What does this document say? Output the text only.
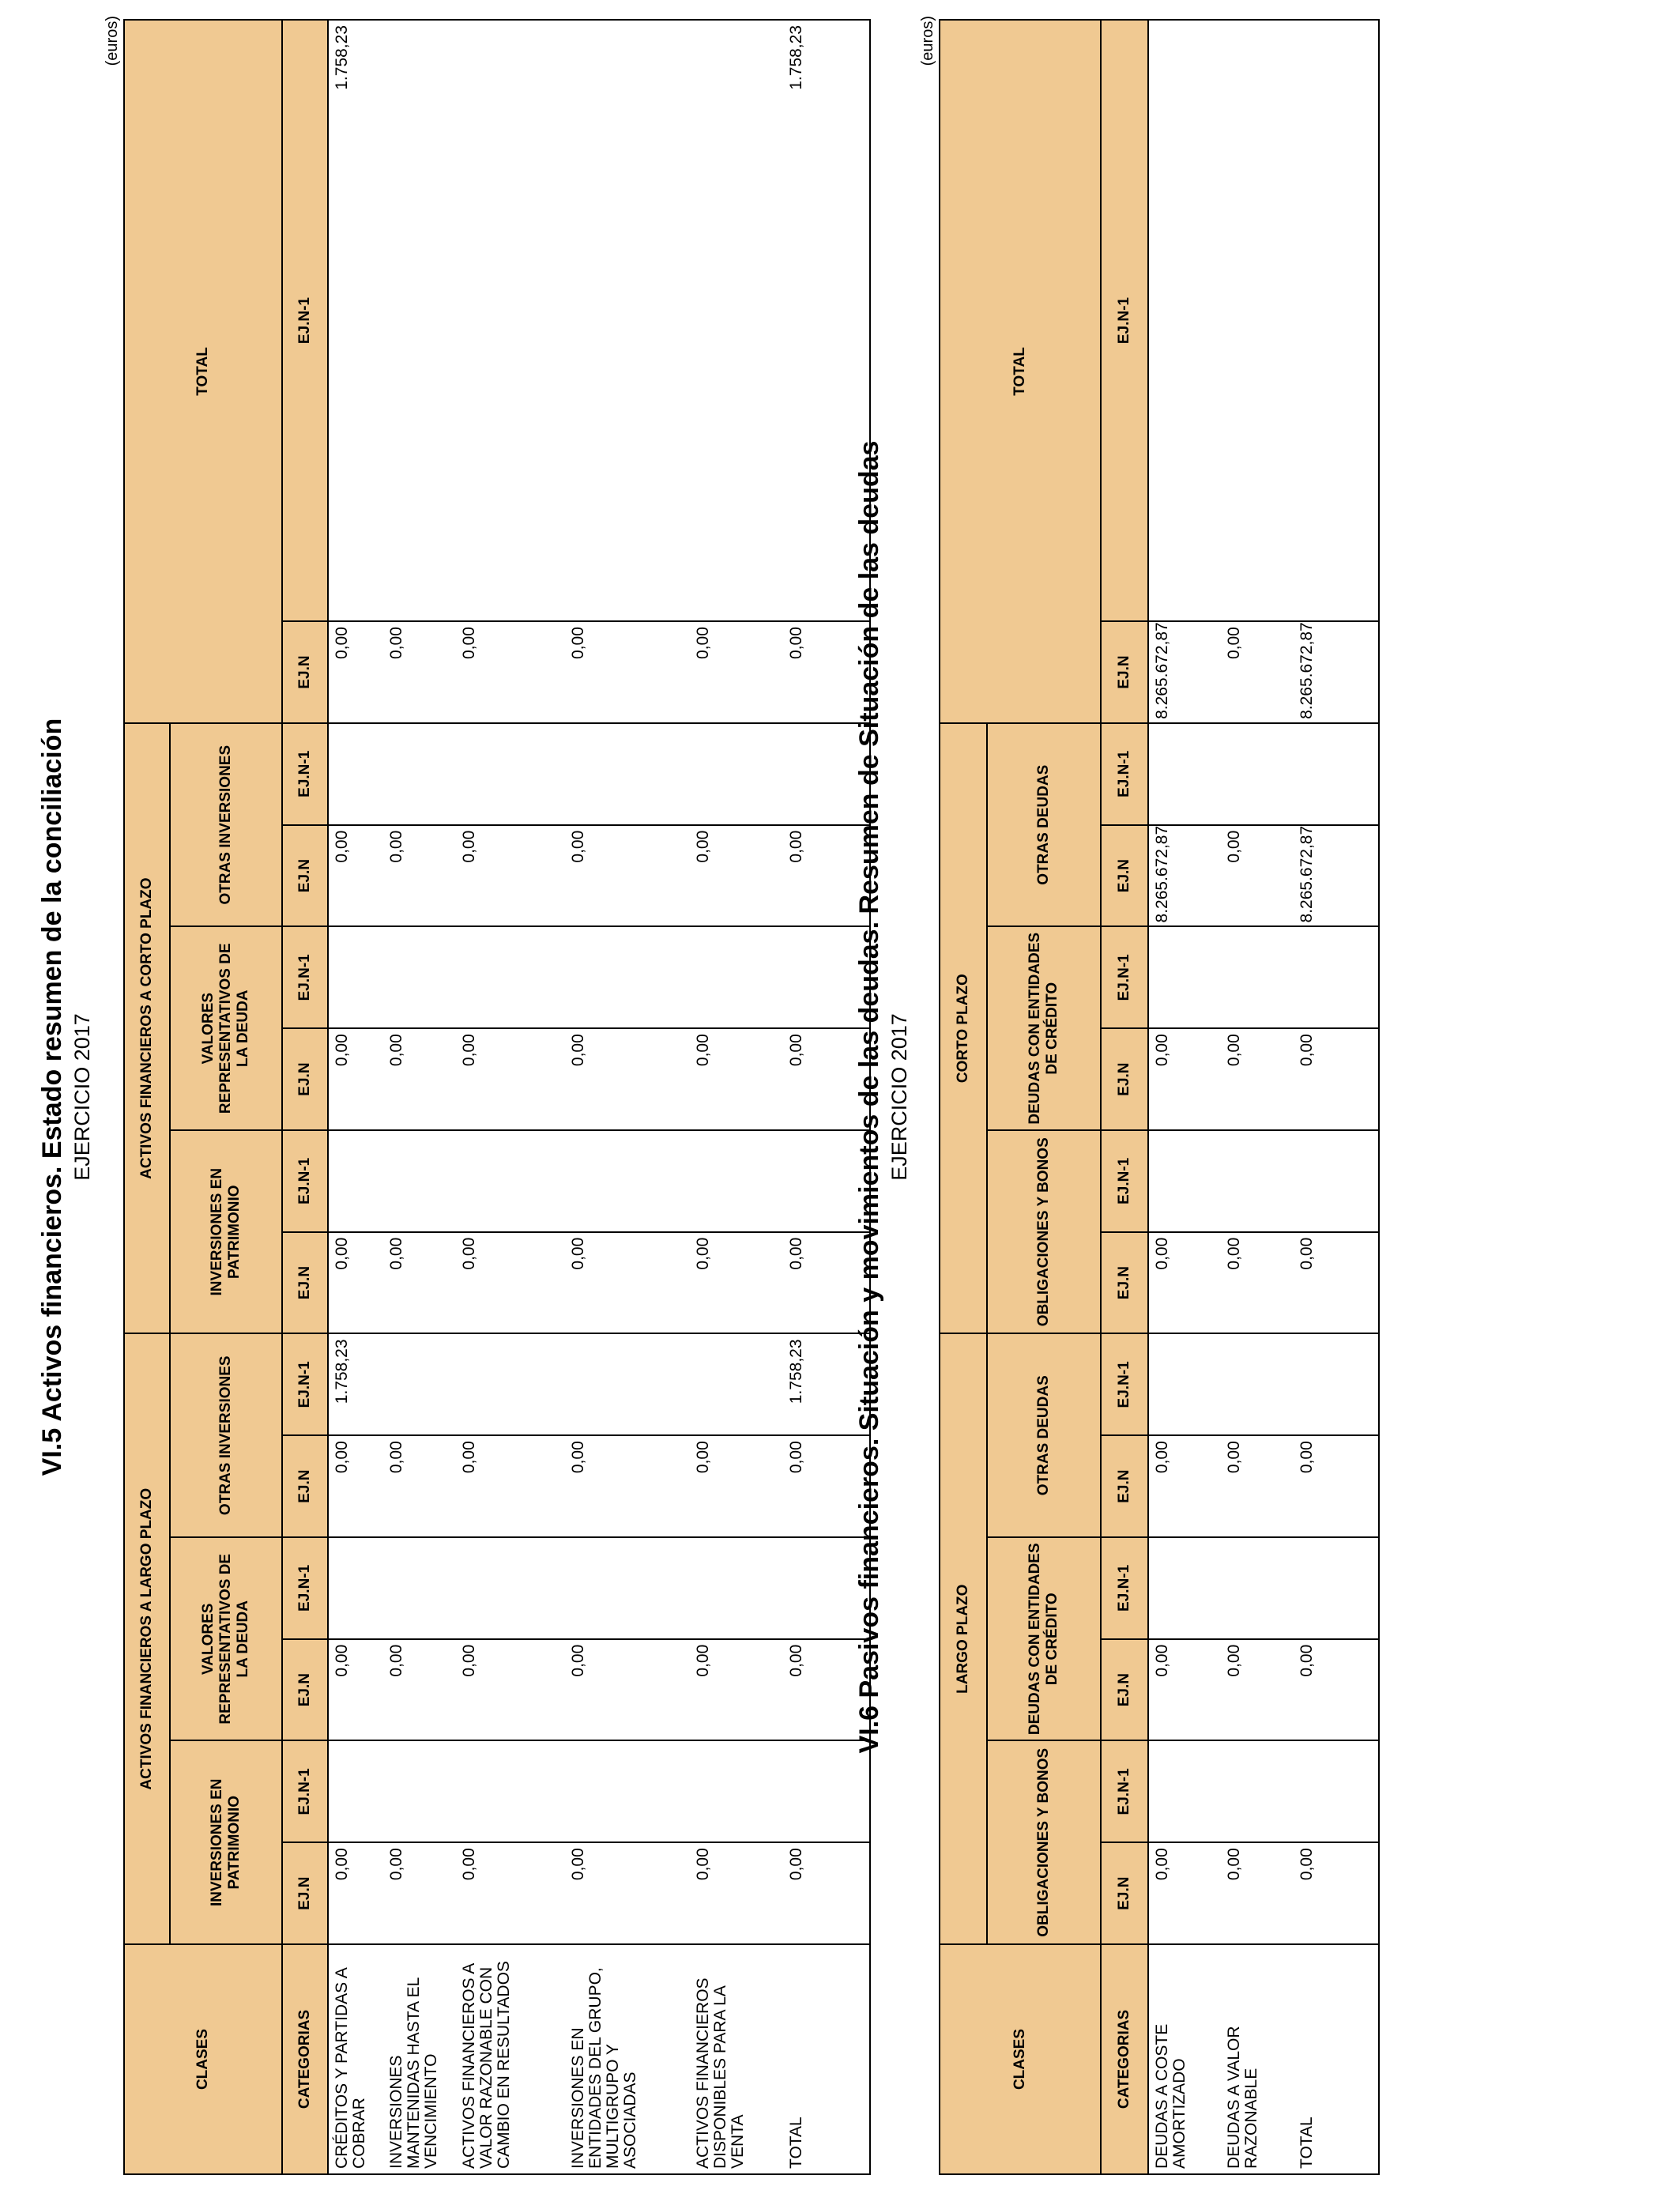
VI.5 Activos financieros. Estado resumen de la conciliación EJERCICIO 2017
(euros)
CLASES	ACTIVOS FINANCIEROS A LARGO PLAZO						ACTIVOS FINANCIEROS A CORTO PLAZO						TOTAL	
	INVERSIONES EN PATRIMONIO		VALORES REPRESENTATIVOS DE LA DEUDA		OTRAS INVERSIONES		INVERSIONES EN PATRIMONIO		VALORES REPRESENTATIVOS DE LA DEUDA		OTRAS INVERSIONES			
CATEGORIAS	EJ.N	EJ.N-1	EJ.N	EJ.N-1	EJ.N	EJ.N-1	EJ.N	EJ.N-1	EJ.N	EJ.N-1	EJ.N	EJ.N-1	EJ.N	EJ.N-1
CRÉDITOS Y PARTIDAS A COBRAR	0,00		0,00		0,00	1.758,23	0,00		0,00		0,00		0,00	1.758,23
INVERSIONES MANTENIDAS HASTA EL VENCIMIENTO	0,00		0,00		0,00		0,00		0,00		0,00		0,00	
ACTIVOS FINANCIEROS A VALOR RAZONABLE CON CAMBIO EN RESULTADOS	0,00		0,00		0,00		0,00		0,00		0,00		0,00	
INVERSIONES EN ENTIDADES DEL GRUPO, MULTIGRUPO Y ASOCIADAS	0,00		0,00		0,00		0,00		0,00		0,00		0,00	
ACTIVOS FINANCIEROS DISPONIBLES PARA LA VENTA	0,00		0,00		0,00		0,00		0,00		0,00		0,00	
TOTAL	0,00		0,00		0,00	1.758,23	0,00		0,00		0,00		0,00	1.758,23
VI.6 Pasivos financieros. Situación y movimientos de las deudas. Resumen de Situación de las deudas EJERCICIO 2017
(euros)
CLASES	LARGO PLAZO						CORTO PLAZO						TOTAL	
	OBLIGACIONES Y BONOS		DEUDAS CON ENTIDADES DE CRÉDITO		OTRAS DEUDAS		OBLIGACIONES Y BONOS		DEUDAS CON ENTIDADES DE CRÉDITO		OTRAS DEUDAS			
CATEGORIAS	EJ.N	EJ.N-1	EJ.N	EJ.N-1	EJ.N	EJ.N-1	EJ.N	EJ.N-1	EJ.N	EJ.N-1	EJ.N	EJ.N-1	EJ.N	EJ.N-1
DEUDAS A COSTE AMORTIZADO	0,00		0,00		0,00		0,00		0,00		8.265.672,87		8.265.672,87	
DEUDAS A VALOR RAZONABLE	0,00		0,00		0,00		0,00		0,00		0,00		0,00	
TOTAL	0,00		0,00		0,00		0,00		0,00		8.265.672,87		8.265.672,87	
